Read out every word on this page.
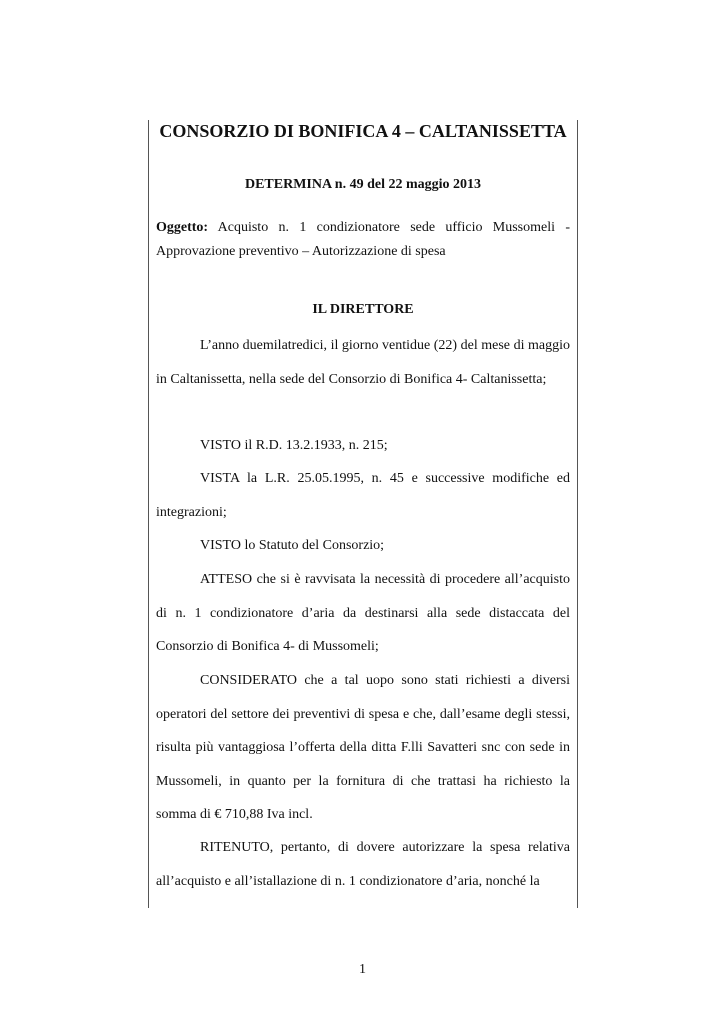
CONSORZIO DI BONIFICA 4 – CALTANISSETTA
DETERMINA n. 49 del 22 maggio 2013
Oggetto: Acquisto n. 1 condizionatore sede ufficio Mussomeli - Approvazione preventivo – Autorizzazione di spesa
IL DIRETTORE
L’anno duemilatredici, il giorno ventidue (22) del mese di maggio in Caltanissetta, nella sede del Consorzio di Bonifica 4- Caltanissetta;
VISTO il R.D. 13.2.1933, n. 215;
VISTA la L.R. 25.05.1995, n. 45 e successive modifiche ed integrazioni;
VISTO lo Statuto del Consorzio;
ATTESO che si è ravvisata la necessità di procedere all’acquisto di n. 1 condizionatore d’aria da destinarsi alla sede distaccata del Consorzio di Bonifica 4- di Mussomeli;
CONSIDERATO che a tal uopo sono stati richiesti a diversi operatori del settore dei preventivi di spesa e che, dall’esame degli stessi, risulta più vantaggiosa l’offerta della ditta F.lli Savatteri snc con sede in Mussomeli, in quanto per la fornitura di che trattasi ha richiesto la somma di € 710,88 Iva incl.
RITENUTO, pertanto, di dovere autorizzare la spesa relativa all’acquisto e all’istallazione di n. 1 condizionatore d’aria, nonché la
1
